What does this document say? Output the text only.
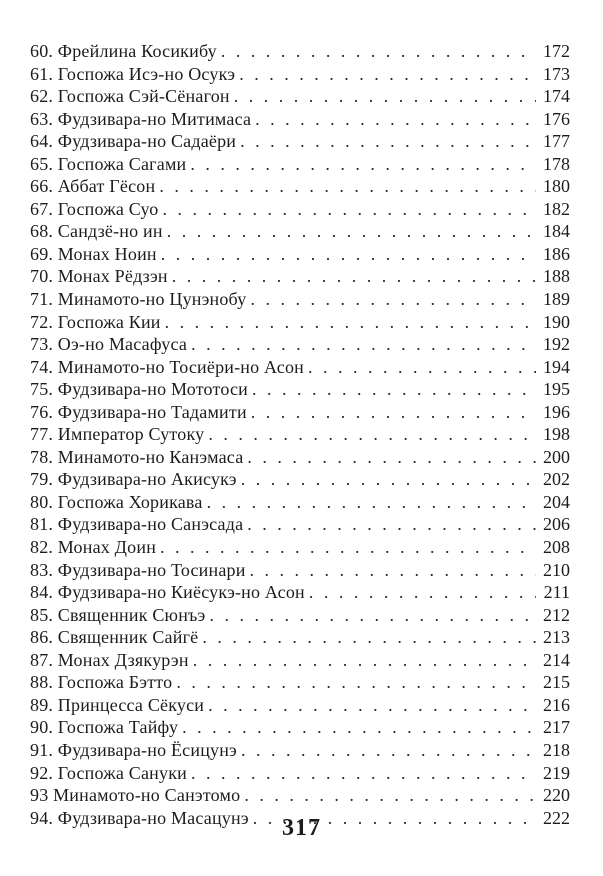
60. Фрейлина Косикибу . . .	172
61. Госпожа Исэ-но Осукэ . . .	173
62. Госпожа Сэй-Сёнагон . . .	174
63. Фудзивара-но Митимаса . . .	176
64. Фудзивара-но Садаёри . . .	177
65. Госпожа Сагами . . .	178
66. Аббат Гёсон . . .	180
67. Госпожа Суо . . .	182
68. Сандзё-но ин . . .	184
69. Монах Ноин . . .	186
70. Монах Рёдзэн . . .	188
71. Минамото-но Цунэнобу . . .	189
72. Госпожа Кии . . .	190
73. Оэ-но Масафуса . . .	192
74. Минамото-но Тосиёри-но Асон . . .	194
75. Фудзивара-но Мототоси . . .	195
76. Фудзивара-но Тадамити . . .	196
77. Император Сутоку . . .	198
78. Минамото-но Канэмаса . . .	200
79. Фудзивара-но Акисукэ . . .	202
80. Госпожа Хорикава . . .	204
81. Фудзивара-но Санэсада . . .	206
82. Монах Доин . . .	208
83. Фудзивара-но Тосинари . . .	210
84. Фудзивара-но Киёсукэ-но Асон . . .	211
85. Священник Сюнъэ . . .	212
86. Священник Сайгё . . .	213
87. Монах Дзякурэн . . .	214
88. Госпожа Бэтто . . .	215
89. Принцесса Сёкуси . . .	216
90. Госпожа Тайфу . . .	217
91. Фудзивара-но Ёсицунэ . . .	218
92. Госпожа Сануки . . .	219
93 Минамото-но Санэтомо . . .	220
94. Фудзивара-но Масацунэ . . .	222
317
